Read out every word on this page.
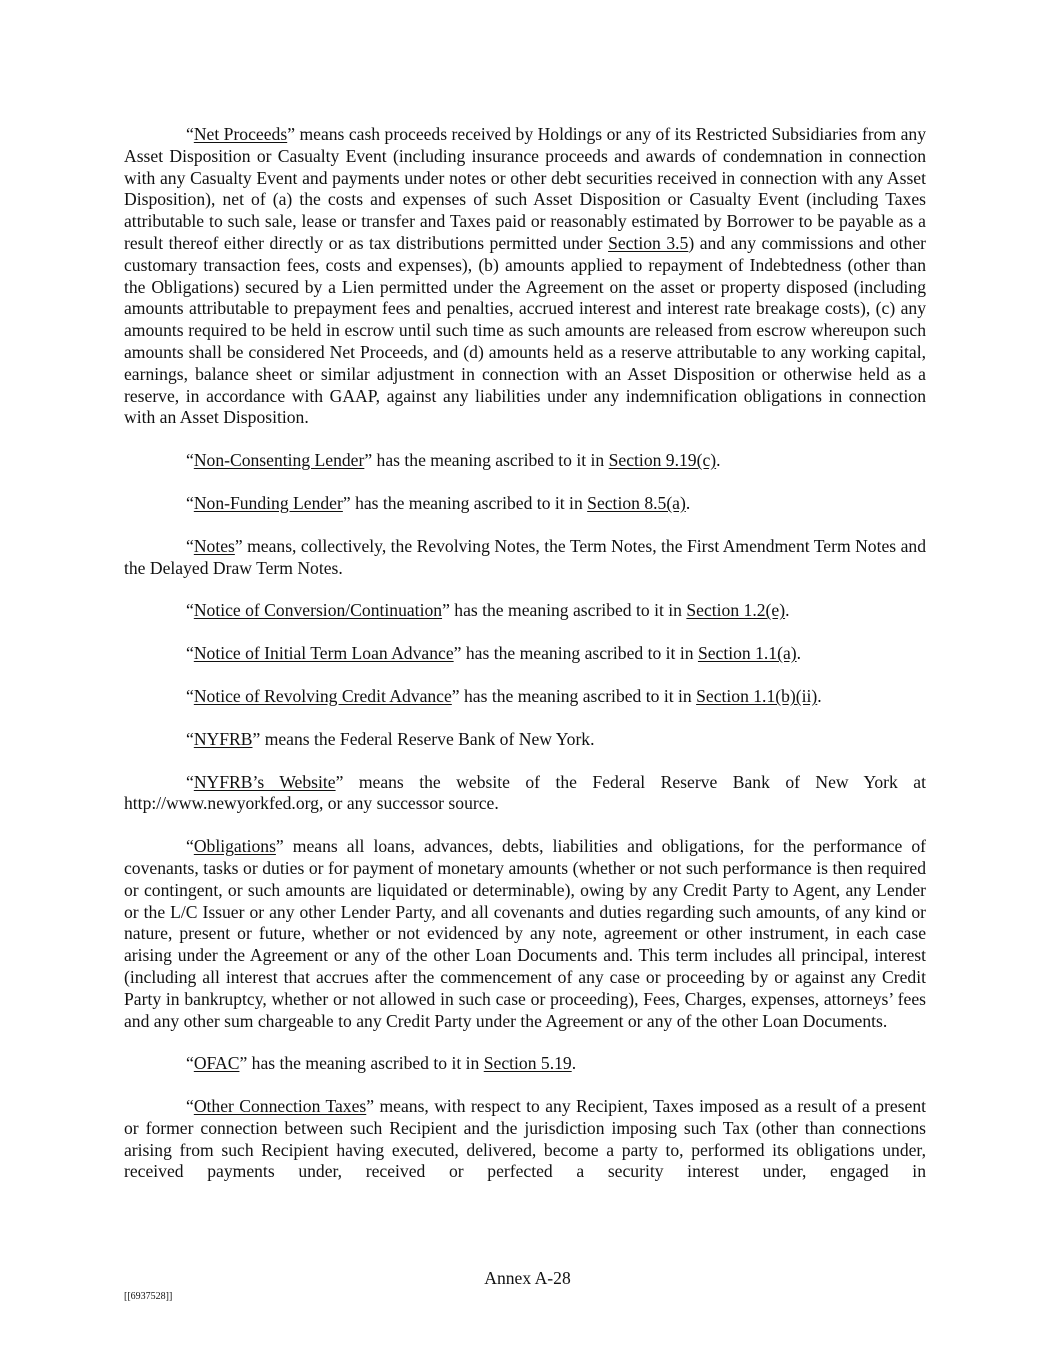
“Net Proceeds” means cash proceeds received by Holdings or any of its Restricted Subsidiaries from any Asset Disposition or Casualty Event (including insurance proceeds and awards of condemnation in connection with any Casualty Event and payments under notes or other debt securities received in connection with any Asset Disposition), net of (a) the costs and expenses of such Asset Disposition or Casualty Event (including Taxes attributable to such sale, lease or transfer and Taxes paid or reasonably estimated by Borrower to be payable as a result thereof either directly or as tax distributions permitted under Section 3.5) and any commissions and other customary transaction fees, costs and expenses), (b) amounts applied to repayment of Indebtedness (other than the Obligations) secured by a Lien permitted under the Agreement on the asset or property disposed (including amounts attributable to prepayment fees and penalties, accrued interest and interest rate breakage costs), (c) any amounts required to be held in escrow until such time as such amounts are released from escrow whereupon such amounts shall be considered Net Proceeds, and (d) amounts held as a reserve attributable to any working capital, earnings, balance sheet or similar adjustment in connection with an Asset Disposition or otherwise held as a reserve, in accordance with GAAP, against any liabilities under any indemnification obligations in connection with an Asset Disposition.

“Non-Consenting Lender” has the meaning ascribed to it in Section 9.19(c).

“Non-Funding Lender” has the meaning ascribed to it in Section 8.5(a).

“Notes” means, collectively, the Revolving Notes, the Term Notes, the First Amendment Term Notes and the Delayed Draw Term Notes.

“Notice of Conversion/Continuation” has the meaning ascribed to it in Section 1.2(e).

“Notice of Initial Term Loan Advance” has the meaning ascribed to it in Section 1.1(a).

“Notice of Revolving Credit Advance” has the meaning ascribed to it in Section 1.1(b)(ii).

“NYFRB” means the Federal Reserve Bank of New York.

“NYFRB’s Website” means the website of the Federal Reserve Bank of New York at http://www.newyorkfed.org, or any successor source.

“Obligations” means all loans, advances, debts, liabilities and obligations, for the performance of covenants, tasks or duties or for payment of monetary amounts (whether or not such performance is then required or contingent, or such amounts are liquidated or determinable), owing by any Credit Party to Agent, any Lender or the L/C Issuer or any other Lender Party, and all covenants and duties regarding such amounts, of any kind or nature, present or future, whether or not evidenced by any note, agreement or other instrument, in each case arising under the Agreement or any of the other Loan Documents and. This term includes all principal, interest (including all interest that accrues after the commencement of any case or proceeding by or against any Credit Party in bankruptcy, whether or not allowed in such case or proceeding), Fees, Charges, expenses, attorneys’ fees and any other sum chargeable to any Credit Party under the Agreement or any of the other Loan Documents.

“OFAC” has the meaning ascribed to it in Section 5.19.

“Other Connection Taxes” means, with respect to any Recipient, Taxes imposed as a result of a present or former connection between such Recipient and the jurisdiction imposing such Tax (other than connections arising from such Recipient having executed, delivered, become a party to, performed its obligations under, received payments under, received or perfected a security interest under, engaged in

Annex A-28
[[6937528]]
